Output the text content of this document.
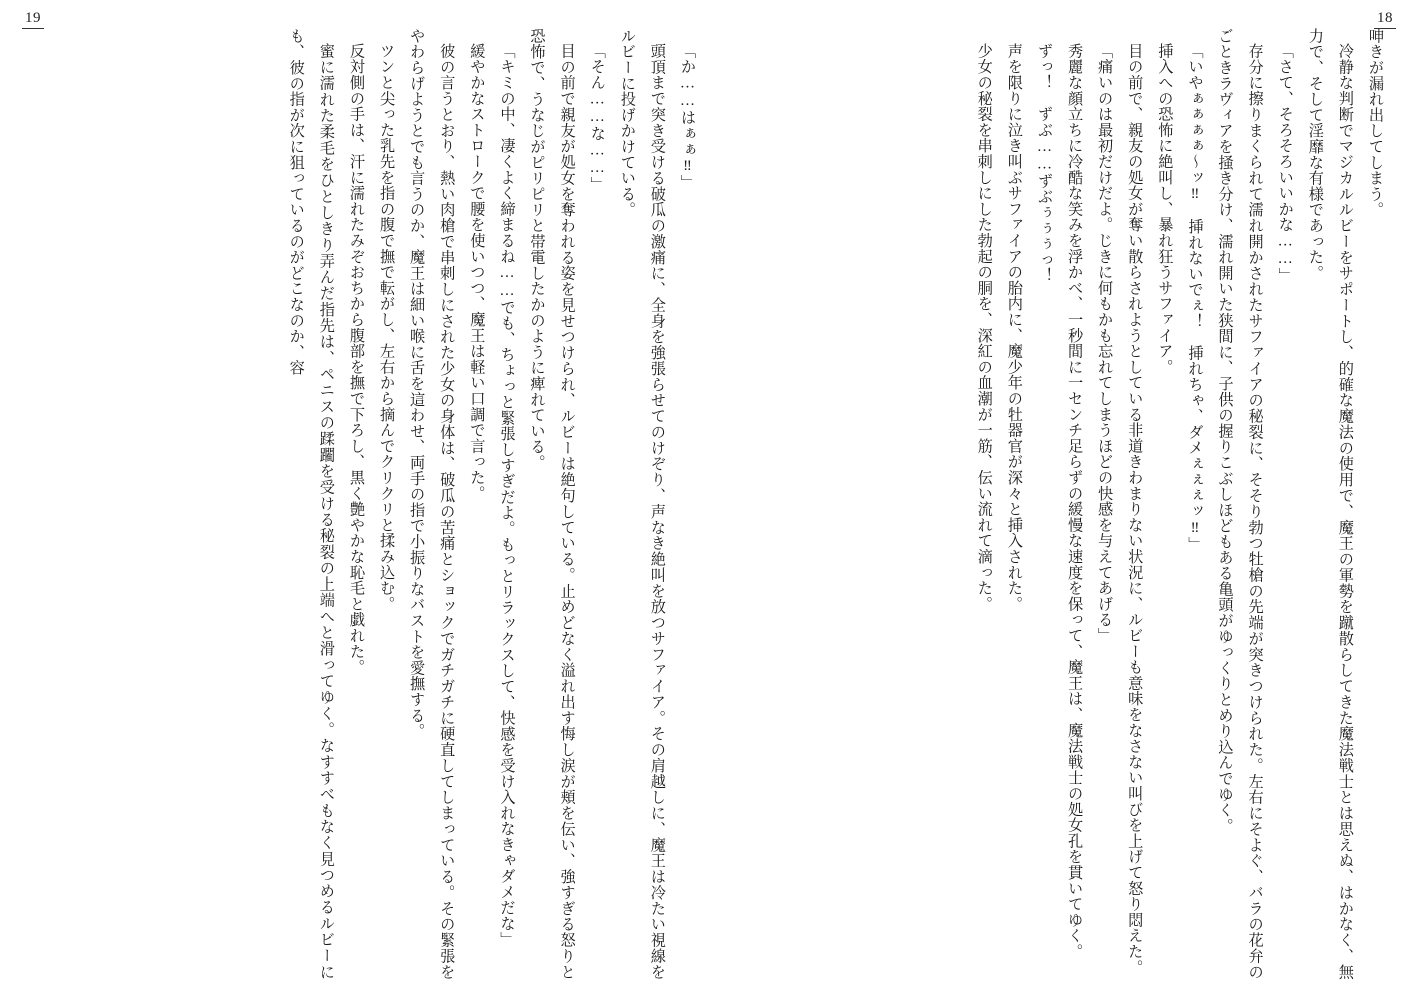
19

「か……はぁぁ‼」

頭頂まで突き受ける破瓜の激痛に、全身を強張らせてのけぞり、声なき絶叫を放つサファイア。その肩越しに、魔王は冷たい視線をルビーに投げかけている。

「そん……な……」

目の前で親友が処女を奪われる姿を見せつけられ、ルビーは絶句している。止めどなく溢れ出す悔し涙が頬を伝い、強すぎる怒りと恐怖で、うなじがピリピリと帯電したかのように痺れている。

「キミの中、凄くよく締まるね……でも、ちょっと緊張しすぎだよ。もっとリラックスして、快感を受け入れなきゃダメだな」

緩やかなストロークで腰を使いつつ、魔王は軽い口調で言った。

彼の言うとおり、熱い肉槍で串刺しにされた少女の身体は、破瓜の苦痛とショックでガチガチに硬直してしまっている。その緊張をやわらげようとでも言うのか、魔王は細い喉に舌を這わせ、両手の指で小振りなバストを愛撫する。

ツンと尖った乳先を指の腹で撫で転がし、左右から摘んでクリクリと揉み込む。

反対側の手は、汗に濡れたみぞおちから腹部を撫で下ろし、黒く艶やかな恥毛と戯れた。

蜜に濡れた柔毛をひとしきり弄んだ指先は、ペニスの蹂躙を受ける秘裂の上端へと滑ってゆく。なすすべもなく見つめるルビーにも、彼の指が次に狙っているのがどこなのか、容

18

呻きが漏れ出してしまう。

冷静な判断でマジカルルビーをサポートし、的確な魔法の使用で、魔王の軍勢を蹴散らしてきた魔法戦士とは思えぬ、はかなく、無力で、そして淫靡な有様であった。

「さて、そろそろいいかな……」

存分に擦りまくられて濡れ開かされたサファイアの秘裂に、そそり勃つ牡槍の先端が突きつけられた。左右にそよぐ、バラの花弁のごときラヴィアを掻き分け、濡れ開いた狭間に、子供の握りこぶしほどもある亀頭がゆっくりとめり込んでゆく。

「いやぁぁぁぁ～ッ‼　挿れないでぇ！　挿れちゃ、ダメぇぇぇッ‼」

挿入への恐怖に絶叫し、暴れ狂うサファイア。

目の前で、親友の処女が奪い散らされようとしている非道きわまりない状況に、ルビーも意味をなさない叫びを上げて怒り悶えた。

「痛いのは最初だけだよ。じきに何もかも忘れてしまうほどの快感を与えてあげる」

秀麗な顔立ちに冷酷な笑みを浮かべ、一秒間に一センチ足らずの緩慢な速度を保って、魔王は、魔法戦士の処女孔を貫いてゆく。

ずっ！　ずぶ……ずぶぅぅぅっ！

声を限りに泣き叫ぶサファイアの胎内に、魔少年の牡器官が深々と挿入された。

少女の秘裂を串刺しにした勃起の胴を、深紅の血潮が一筋、伝い流れて滴った。
